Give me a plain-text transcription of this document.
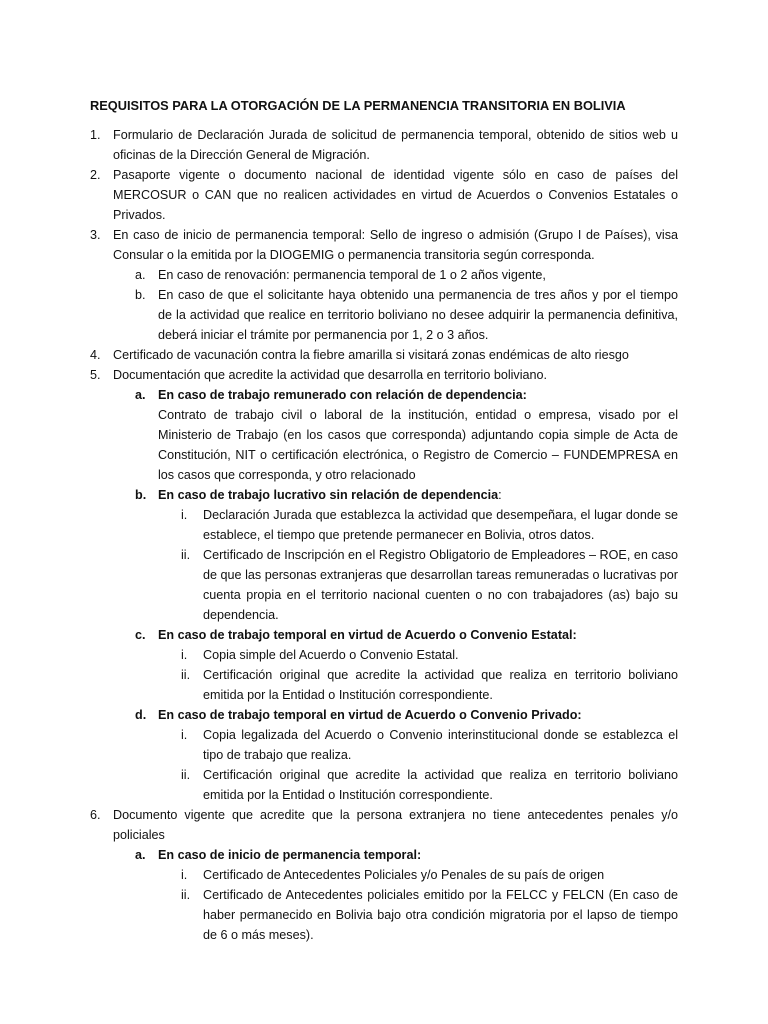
REQUISITOS PARA LA OTORGACIÓN DE LA PERMANENCIA TRANSITORIA EN BOLIVIA
1. Formulario de Declaración Jurada de solicitud de permanencia temporal, obtenido de sitios web u oficinas de la Dirección General de Migración.
2. Pasaporte vigente o documento nacional de identidad vigente sólo en caso de países del MERCOSUR o CAN que no realicen actividades en virtud de Acuerdos o Convenios Estatales o Privados.
3. En caso de inicio de permanencia temporal: Sello de ingreso o admisión (Grupo I de Países), visa Consular o la emitida por la DIOGEMIG o permanencia transitoria según corresponda.
a. En caso de renovación: permanencia temporal de 1 o 2 años vigente,
b. En caso de que el solicitante haya obtenido una permanencia de tres años y por el tiempo de la actividad que realice en territorio boliviano no desee adquirir la permanencia definitiva, deberá iniciar el trámite por permanencia por 1, 2 o 3 años.
4. Certificado de vacunación contra la fiebre amarilla si visitará zonas endémicas de alto riesgo
5. Documentación que acredite la actividad que desarrolla en territorio boliviano.
a. En caso de trabajo remunerado con relación de dependencia:
Contrato de trabajo civil o laboral de la institución, entidad o empresa, visado por el Ministerio de Trabajo (en los casos que corresponda) adjuntando copia simple de Acta de Constitución, NIT o certificación electrónica, o Registro de Comercio – FUNDEMPRESA en los casos que corresponda, y otro relacionado
b. En caso de trabajo lucrativo sin relación de dependencia:
i.	Declaración Jurada que establezca la actividad que desempeñara, el lugar donde se establece, el tiempo que pretende permanecer en Bolivia, otros datos.
ii.	Certificado de Inscripción en el Registro Obligatorio de Empleadores – ROE, en caso de que las personas extranjeras que desarrollan tareas remuneradas o lucrativas por cuenta propia en el territorio nacional cuenten o no con trabajadores (as) bajo su dependencia.
c. En caso de trabajo temporal en virtud de Acuerdo o Convenio Estatal:
i.	Copia simple del Acuerdo o Convenio Estatal.
ii.	Certificación original que acredite la actividad que realiza en territorio boliviano emitida por la Entidad o Institución correspondiente.
d. En caso de trabajo temporal en virtud de Acuerdo o Convenio Privado:
i.	Copia legalizada del Acuerdo o Convenio interinstitucional donde se establezca el tipo de trabajo que realiza.
ii.	Certificación original que acredite la actividad que realiza en territorio boliviano emitida por la Entidad o Institución correspondiente.
6. Documento vigente que acredite que la persona extranjera no tiene antecedentes penales y/o policiales
a. En caso de inicio de permanencia temporal:
i.	Certificado de Antecedentes Policiales y/o Penales de su país de origen
ii.	Certificado de Antecedentes policiales emitido por la FELCC y FELCN (En caso de haber permanecido en Bolivia bajo otra condición migratoria por el lapso de tiempo de 6 o más meses).
